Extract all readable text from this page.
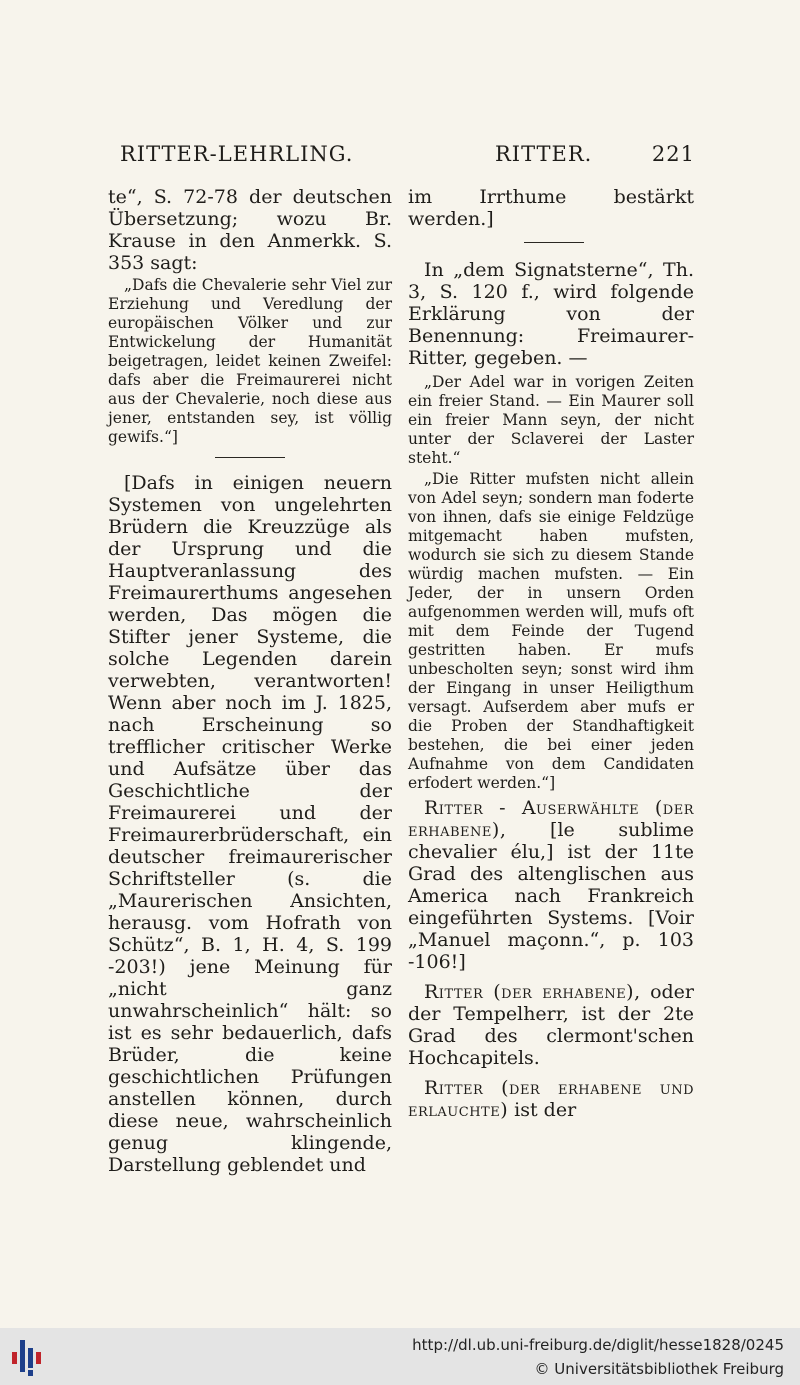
RITTER-LEHRLING.	RITTER.	221

te“, S. 72-78 der deutschen Übersetzung; wozu Br. Krause in den Anmerkk. S. 353 sagt:

„Dafs die Chevalerie sehr Viel zur Erziehung und Veredlung der europäischen Völker und zur Entwickelung der Humanität beigetragen, leidet keinen Zweifel: dafs aber die Freimaurerei nicht aus der Chevalerie, noch diese aus jener, entstanden sey, ist völlig gewifs.“]

[Dafs in einigen neuern Systemen von ungelehrten Brüdern die Kreuzzüge als der Ursprung und die Hauptveranlassung des Freimaurerthums angesehen werden, Das mögen die Stifter jener Systeme, die solche Legenden darein verwebten, verantworten! Wenn aber noch im J. 1825, nach Erscheinung so trefflicher critischer Werke und Aufsätze über das Geschichtliche der Freimaurerei und der Freimaurerbrüderschaft, ein deutscher freimaurerischer Schriftsteller (s. die „Maurerischen Ansichten, herausg. vom Hofrath von Schütz“, B. 1, H. 4, S. 199 -203!) jene Meinung für „nicht ganz unwahrscheinlich“ hält: so ist es sehr bedauerlich, dafs Brüder, die keine geschichtlichen Prüfungen anstellen können, durch diese neue, wahrscheinlich genug klingende, Darstellung geblendet und

im Irrthume bestärkt werden.]

In „dem Signatsterne“, Th. 3, S. 120 f., wird folgende Erklärung von der Benennung: Freimaurer-Ritter, gegeben. —

„Der Adel war in vorigen Zeiten ein freier Stand. — Ein Maurer soll ein freier Mann seyn, der nicht unter der Sclaverei der Laster steht.“

„Die Ritter mufsten nicht allein von Adel seyn; sondern man foderte von ihnen, dafs sie einige Feldzüge mitgemacht haben mufsten, wodurch sie sich zu diesem Stande würdig machen mufsten. — Ein Jeder, der in unsern Orden aufgenommen werden will, mufs oft mit dem Feinde der Tugend gestritten haben. Er mufs unbescholten seyn; sonst wird ihm der Eingang in unser Heiligthum versagt. Aufserdem aber mufs er die Proben der Standhaftigkeit bestehen, die bei einer jeden Aufnahme von dem Candidaten erfodert werden.“]

Ritter - Auserwählte (der erhabene), [le sublime chevalier élu,] ist der 11te Grad des altenglischen aus America nach Frankreich eingeführten Systems. [Voir „Manuel maçonn.“, p. 103 -106!]

Ritter (der erhabene), oder der Tempelherr, ist der 2te Grad des clermont'schen Hochcapitels.

Ritter (der erhabene und erlauchte) ist der

http://dl.ub.uni-freiburg.de/diglit/hesse1828/0245
© Universitätsbibliothek Freiburg
